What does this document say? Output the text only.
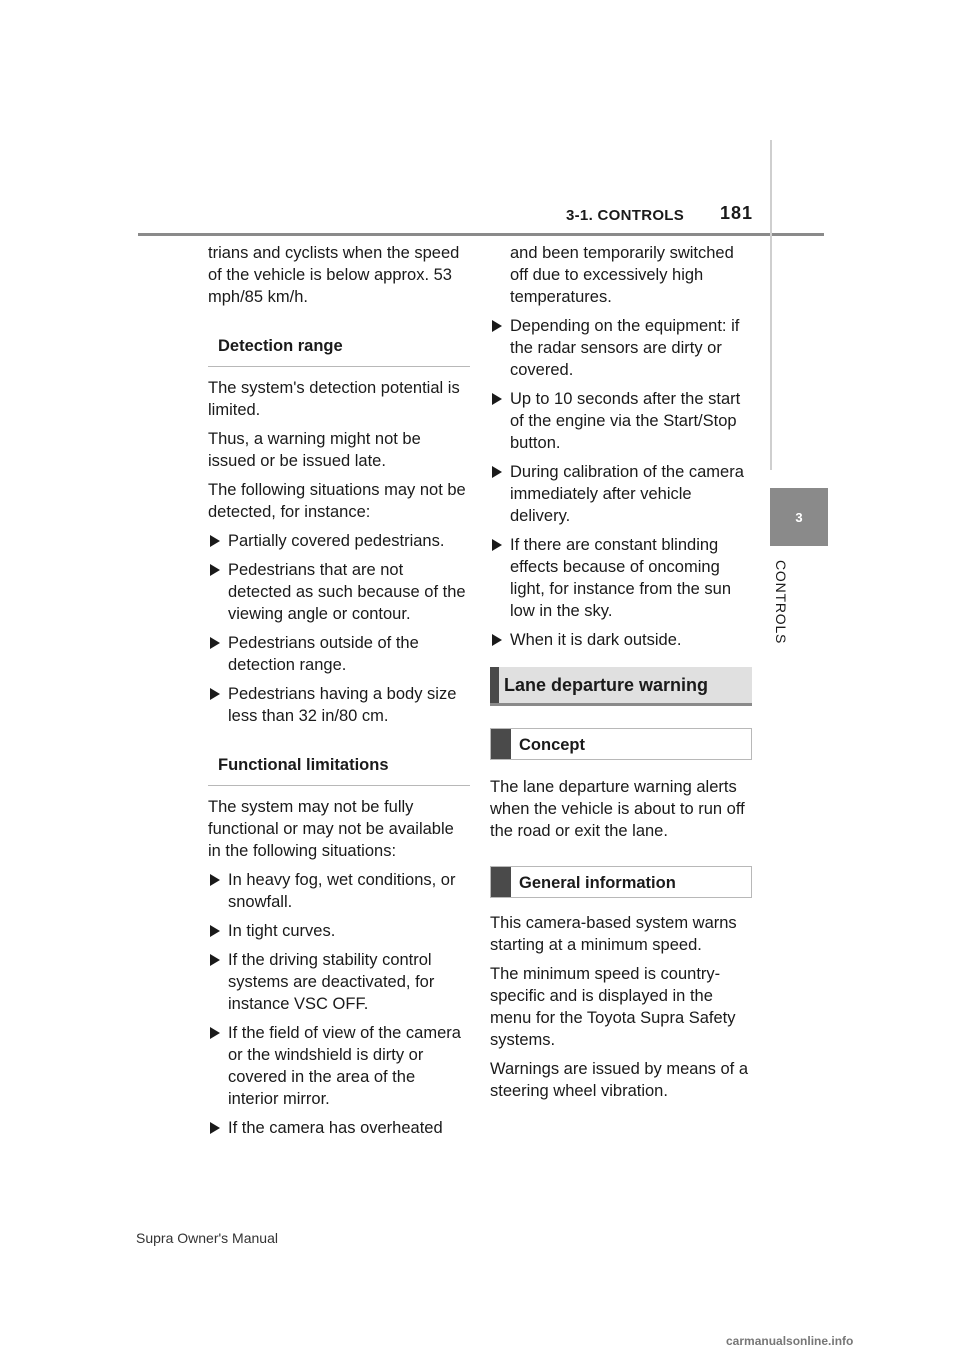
3-1. CONTROLS 181
3
CONTROLS
trians and cyclists when the speed of the vehicle is below approx. 53 mph/85 km/h.
Detection range
The system's detection potential is limited.
Thus, a warning might not be issued or be issued late.
The following situations may not be detected, for instance:
Partially covered pedestrians.
Pedestrians that are not detected as such because of the viewing angle or contour.
Pedestrians outside of the detection range.
Pedestrians having a body size less than 32 in/80 cm.
Functional limitations
The system may not be fully functional or may not be available in the following situations:
In heavy fog, wet conditions, or snowfall.
In tight curves.
If the driving stability control systems are deactivated, for instance VSC OFF.
If the field of view of the camera or the windshield is dirty or covered in the area of the interior mirror.
If the camera has overheated
and been temporarily switched off due to excessively high temperatures.
Depending on the equipment: if the radar sensors are dirty or covered.
Up to 10 seconds after the start of the engine via the Start/Stop button.
During calibration of the camera immediately after vehicle delivery.
If there are constant blinding effects because of oncoming light, for instance from the sun low in the sky.
When it is dark outside.
Lane departure warning
Concept
The lane departure warning alerts when the vehicle is about to run off the road or exit the lane.
General information
This camera-based system warns starting at a minimum speed.
The minimum speed is country-specific and is displayed in the menu for the Toyota Supra Safety systems.
Warnings are issued by means of a steering wheel vibration.
Supra Owner's Manual
carmanualsonline.info
